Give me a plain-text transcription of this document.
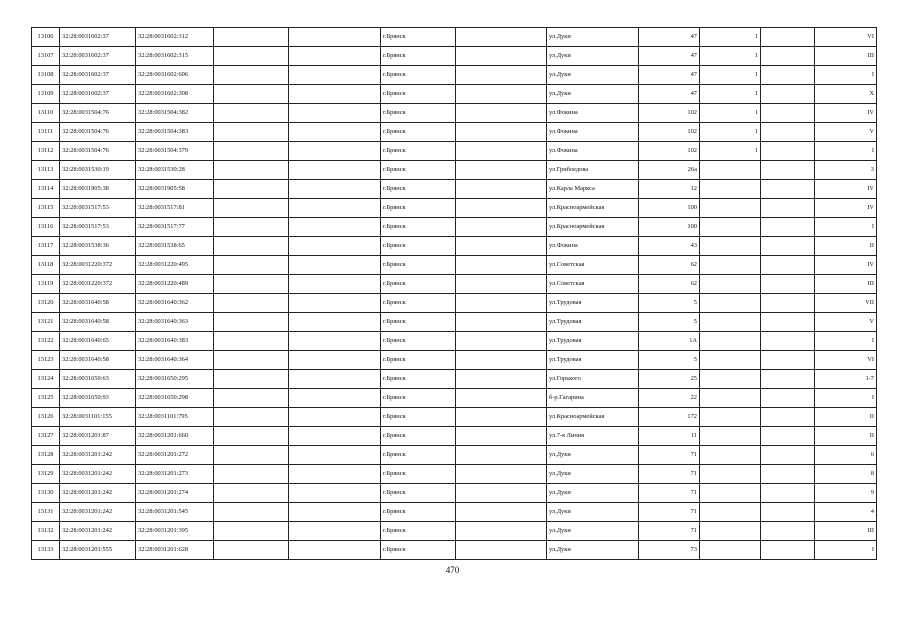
13106	32:28:0031602:37	32:28:0031602:312			г.Брянск		ул.Дуки	47	1		VI
13107	32:28:0031602:37	32:28:0031602:315			г.Брянск		ул.Дуки	47	1		III
13108	32:28:0031602:37	32:28:0031602:606			г.Брянск		ул.Дуки	47	1		I
13109	32:28:0031602:37	32:28:0031602:308			г.Брянск		ул.Дуки	47	1		X
13110	32:28:0031504:76	32:28:0031504:382			г.Брянск		ул.Фокина	102	1		IV
13111	32:28:0031504:76	32:28:0031504:383			г.Брянск		ул.Фокина	102	1		V
13112	32:28:0031504:76	32:28:0031504:379			г.Брянск		ул.Фокина	102	1		I
13113	32:28:0031530:19	32:28:0031530:28			г.Брянск		ул.Грибоедова	26а			3
13114	32:28:0031905:38	32:28:0031905:58			г.Брянск		ул.Карла Маркса	12			IV
13115	32:28:0031517:53	32:28:0031517:81			г.Брянск		ул.Красноармейская	100			IV
13116	32:28:0031517:53	32:28:0031517:77			г.Брянск		ул.Красноармейская	100			I
13117	32:28:0031538:36	32:28:0031538:65			г.Брянск		ул.Фокина	43			II
13118	32:28:0031220:372	32:28:0031220:495			г.Брянск		ул.Советская	62			IV
13119	32:28:0031220:372	32:28:0031220:489			г.Брянск		ул.Советская	62			III
13120	32:28:0031640:58	32:28:0031640:362			г.Брянск		ул.Трудовая	5			VII
13121	32:28:0031640:58	32:28:0031640:363			г.Брянск		ул.Трудовая	5			V
13122	32:28:0031640:65	32:28:0031640:383			г.Брянск		ул.Трудовая	1А			I
13123	32:28:0031640:58	32:28:0031640:364			г.Брянск		ул.Трудовая	5			VI
13124	32:28:0031650:63	32:28:0031650:295			г.Брянск		ул.Горького	25			1-7
13125	32:28:0031650:93	32:28:0031650:298			г.Брянск		б-р.Гагарина	22			I
13126	32:28:0031101:155	32:28:0031101:795			г.Брянск		ул.Красноармейская	172			II
13127	32:28:0031201:87	32:28:0031201:660			г.Брянск		ул.7-я Линия	11			II
13128	32:28:0031201:242	32:28:0031201:272			г.Брянск		ул.Дуки	71			6
13129	32:28:0031201:242	32:28:0031201:273			г.Брянск		ул.Дуки	71			8
13130	32:28:0031201:242	32:28:0031201:274			г.Брянск		ул.Дуки	71			9
13131	32:28:0031201:242	32:28:0031201:545			г.Брянск		ул.Дуки	71			4
13132	32:28:0031201:242	32:28:0031201:395			г.Брянск		ул.Дуки	71			III
13133	32:28:0031201:555	32:28:0031201:628			г.Брянск		ул.Дуки	73			I
470
